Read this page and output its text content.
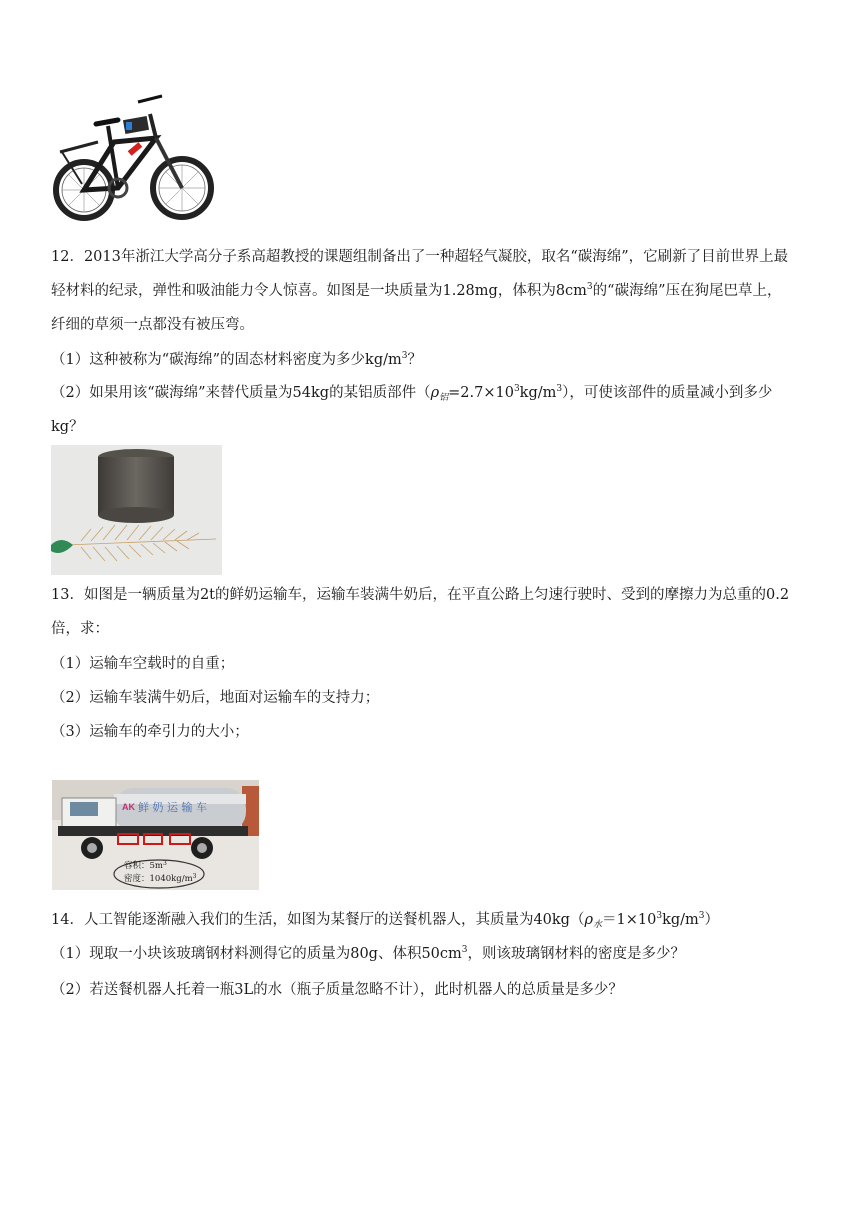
12．2013年浙江大学高分子系高超教授的课题组制备出了一种超轻气凝胶，取名“碳海绵”，它刷新了目前世界上最轻材料的纪录，弹性和吸油能力令人惊喜。如图是一块质量为1.28mg，体积为$8cm^3$的“碳海绵”压在狗尾巴草上，纤细的草须一点都没有被压弯。

（1）这种被称为“碳海绵”的固态材料密度为多少$kg/m^3$？

（2）如果用该“碳海绵”来替代质量为54kg的某铝质部件$(\rho_铝=2.7\times 10^3kg/m^3)$，可使该部件的质量减小到多少kg？

13．如图是一辆质量为2t的鲜奶运输车，运输车装满牛奶后，在平直公路上匀速行驶时、受到的摩擦力为总重的0.2倍，求：

（1）运输车空载时的自重；
（2）运输车装满牛奶后，地面对运输车的支持力；
（3）运输车的牵引力的大小；
AK 鲜 奶 运 输 车
容积：$5m^3$
密度：$1040kg/m^3$
14．人工智能逐渐融入我们的生活，如图为某餐厅的送餐机器人，其质量为$40kg(\rho_水=1\times 10^3kg/m^3)$
（1）现取一小块该玻璃钢材料测得它的质量为80g、体积$50cm^3$，则该玻璃钢材料的密度是多少？
（2）若送餐机器人托着一瓶3L的水（瓶子质量忽略不计），此时机器人的总质量是多少？
